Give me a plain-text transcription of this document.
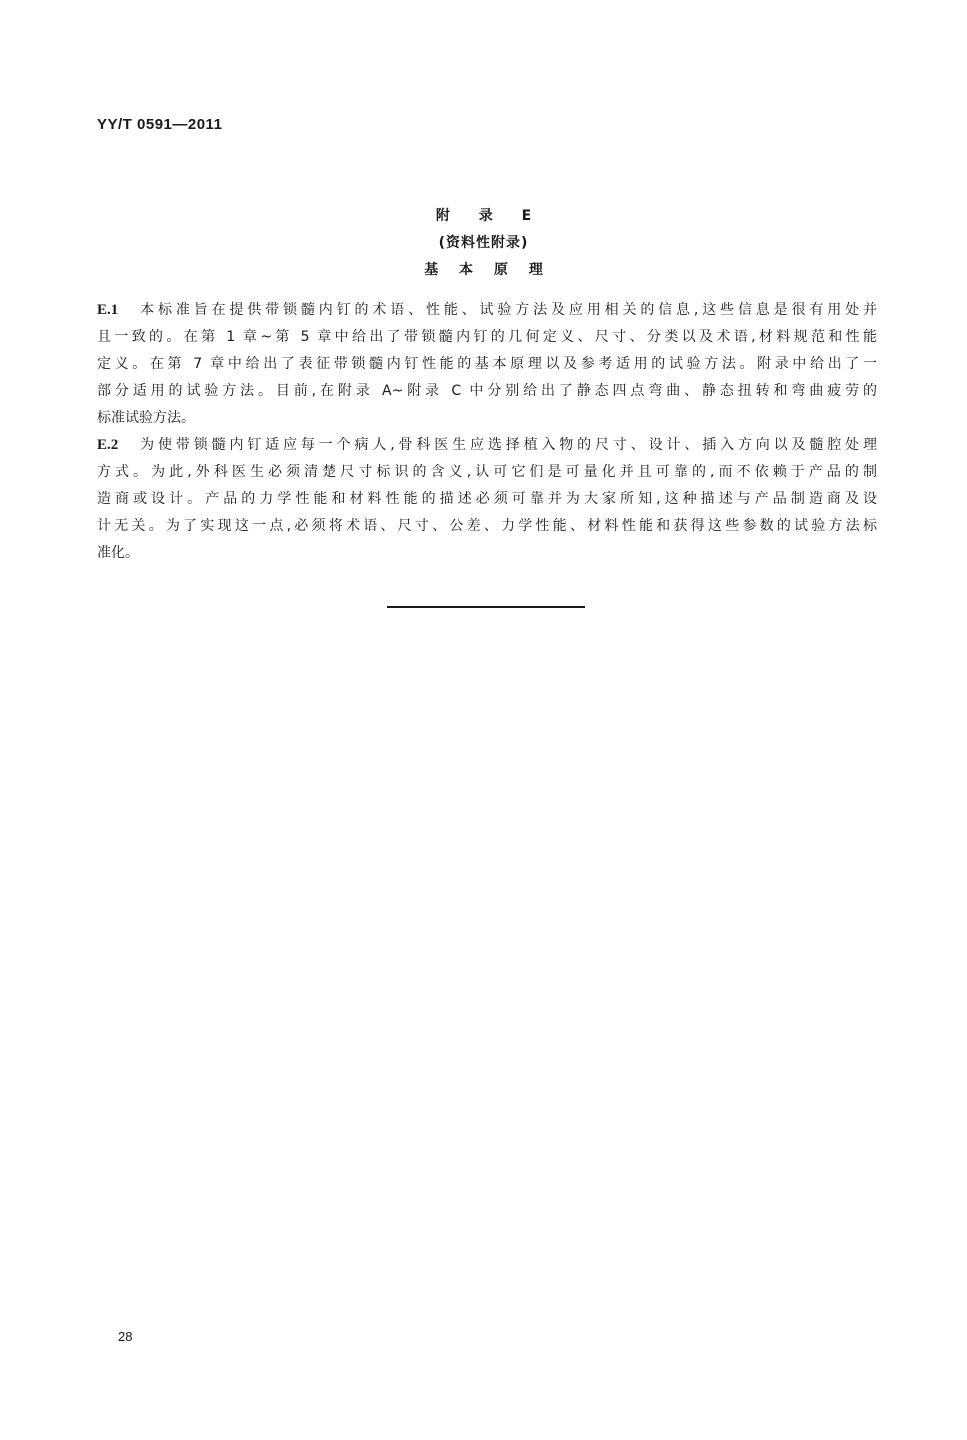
YY/T 0591—2011
附 录 E
(资料性附录)
基 本 原 理
E.1 本标准旨在提供带锁髓内钉的术语、性能、试验方法及应用相关的信息,这些信息是很有用处并
且一致的。在第 1 章~第 5 章中给出了带锁髓内钉的几何定义、尺寸、分类以及术语,材料规范和性能
定义。在第 7 章中给出了表征带锁髓内钉性能的基本原理以及参考适用的试验方法。附录中给出了一
部分适用的试验方法。目前,在附录 A~附录 C 中分别给出了静态四点弯曲、静态扭转和弯曲疲劳的
标准试验方法。
E.2 为使带锁髓内钉适应每一个病人,骨科医生应选择植入物的尺寸、设计、插入方向以及髓腔处理
方式。为此,外科医生必须清楚尺寸标识的含义,认可它们是可量化并且可靠的,而不依赖于产品的制
造商或设计。产品的力学性能和材料性能的描述必须可靠并为大家所知,这种描述与产品制造商及设
计无关。为了实现这一点,必须将术语、尺寸、公差、力学性能、材料性能和获得这些参数的试验方法标
准化。
28
